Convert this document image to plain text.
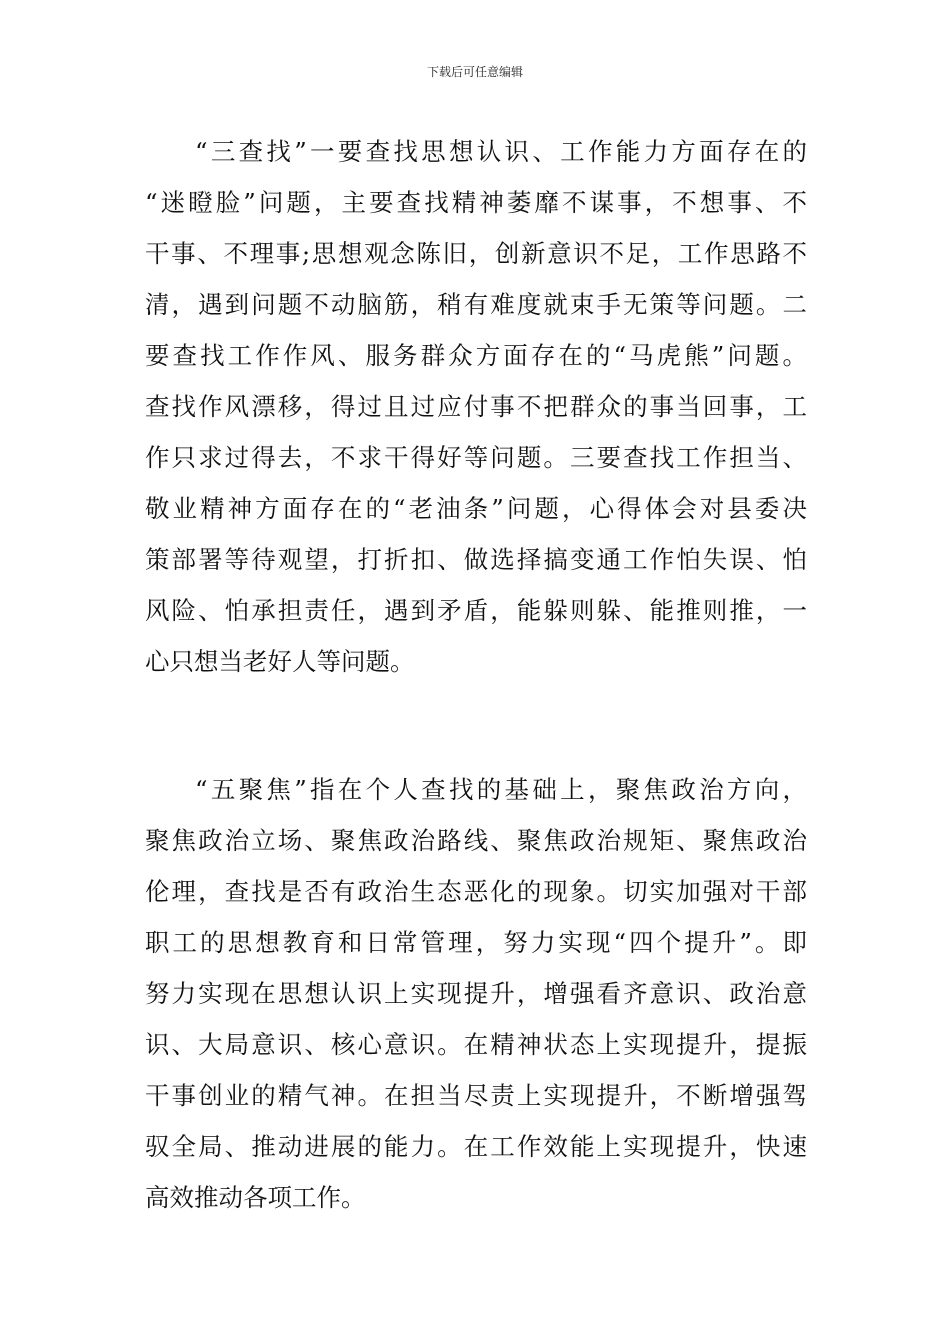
下载后可任意编辑
“三查找”一要查找思想认识、工作能力方面存在的
“迷瞪脸”问题，主要查找精神萎靡不谋事，不想事、不
干事、不理事;思想观念陈旧，创新意识不足，工作思路不
清，遇到问题不动脑筋，稍有难度就束手无策等问题。二
要查找工作作风、服务群众方面存在的“马虎熊”问题。
查找作风漂移，得过且过应付事不把群众的事当回事，工
作只求过得去，不求干得好等问题。三要查找工作担当、
敬业精神方面存在的“老油条”问题，心得体会对县委决
策部署等待观望，打折扣、做选择搞变通工作怕失误、怕
风险、怕承担责任，遇到矛盾，能躲则躲、能推则推，一
心只想当老好人等问题。
“五聚焦”指在个人查找的基础上，聚焦政治方向，
聚焦政治立场、聚焦政治路线、聚焦政治规矩、聚焦政治
伦理，查找是否有政治生态恶化的现象。切实加强对干部
职工的思想教育和日常管理，努力实现“四个提升”。即
努力实现在思想认识上实现提升，增强看齐意识、政治意
识、大局意识、核心意识。在精神状态上实现提升，提振
干事创业的精气神。在担当尽责上实现提升，不断增强驾
驭全局、推动进展的能力。在工作效能上实现提升，快速
高效推动各项工作。
